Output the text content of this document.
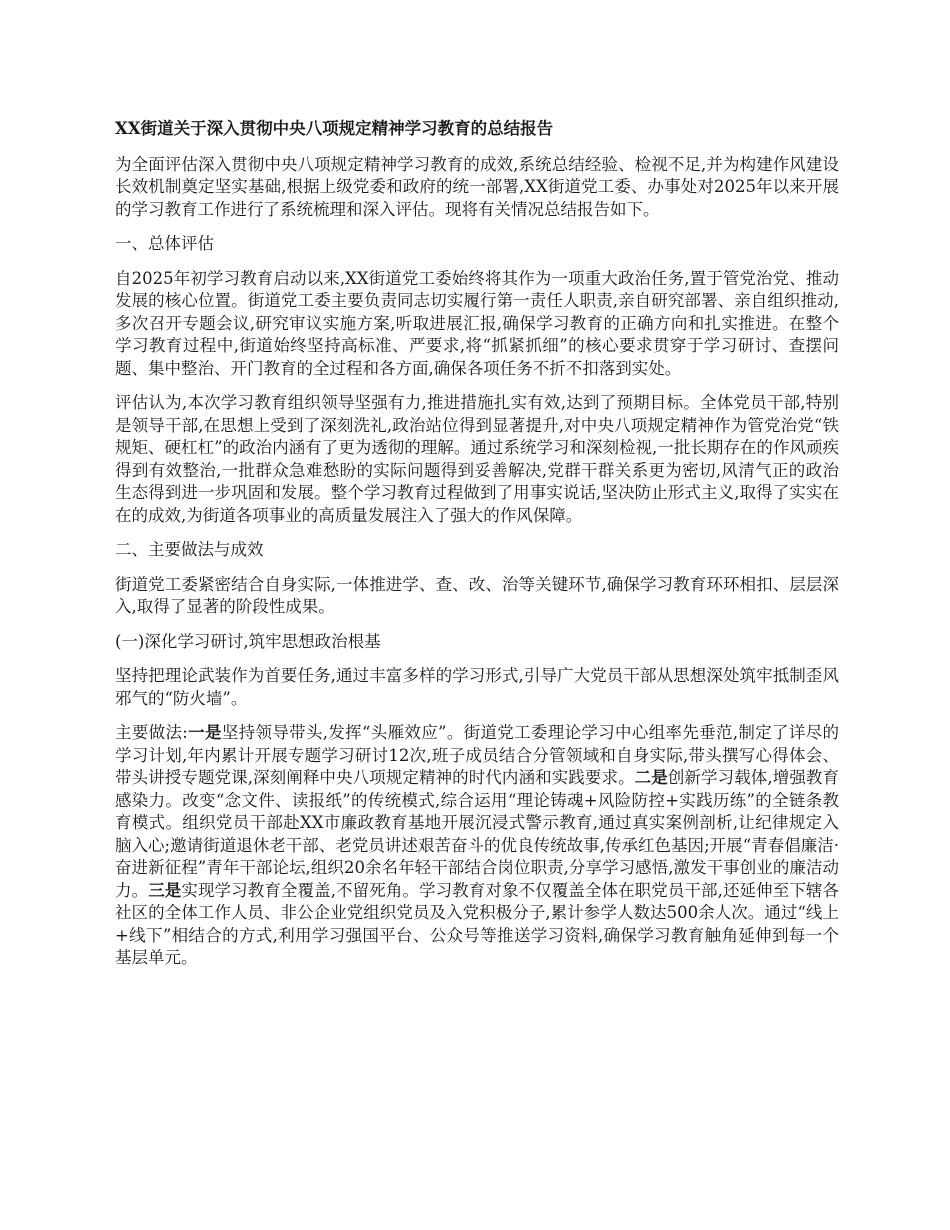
XX街道关于深入贯彻中央八项规定精神学习教育的总结报告
为全面评估深入贯彻中央八项规定精神学习教育的成效,系统总结经验、检视不足,并为构建作风建设长效机制奠定坚实基础,根据上级党委和政府的统一部署,XX街道党工委、办事处对2025年以来开展的学习教育工作进行了系统梳理和深入评估。现将有关情况总结报告如下。
一、总体评估
自2025年初学习教育启动以来,XX街道党工委始终将其作为一项重大政治任务,置于管党治党、推动发展的核心位置。街道党工委主要负责同志切实履行第一责任人职责,亲自研究部署、亲自组织推动,多次召开专题会议,研究审议实施方案,听取进展汇报,确保学习教育的正确方向和扎实推进。在整个学习教育过程中,街道始终坚持高标准、严要求,将“抓紧抓细”的核心要求贯穿于学习研讨、查摆问题、集中整治、开门教育的全过程和各方面,确保各项任务不折不扣落到实处。
评估认为,本次学习教育组织领导坚强有力,推进措施扎实有效,达到了预期目标。全体党员干部,特别是领导干部,在思想上受到了深刻洗礼,政治站位得到显著提升,对中央八项规定精神作为管党治党“铁规矩、硬杠杠”的政治内涵有了更为透彻的理解。通过系统学习和深刻检视,一批长期存在的作风顽疾得到有效整治,一批群众急难愁盼的实际问题得到妥善解决,党群干群关系更为密切,风清气正的政治生态得到进一步巩固和发展。整个学习教育过程做到了用事实说话,坚决防止形式主义,取得了实实在在的成效,为街道各项事业的高质量发展注入了强大的作风保障。
二、主要做法与成效
街道党工委紧密结合自身实际,一体推进学、查、改、治等关键环节,确保学习教育环环相扣、层层深入,取得了显著的阶段性成果。
(一)深化学习研讨,筑牢思想政治根基
坚持把理论武装作为首要任务,通过丰富多样的学习形式,引导广大党员干部从思想深处筑牢抵制歪风邪气的“防火墙”。
主要做法:一是坚持领导带头,发挥“头雁效应”。街道党工委理论学习中心组率先垂范,制定了详尽的学习计划,年内累计开展专题学习研讨12次,班子成员结合分管领域和自身实际,带头撰写心得体会、带头讲授专题党课,深刻阐释中央八项规定精神的时代内涵和实践要求。二是创新学习载体,增强教育感染力。改变“念文件、读报纸”的传统模式,综合运用“理论铸魂+风险防控+实践历练”的全链条教育模式。组织党员干部赴XX市廉政教育基地开展沉浸式警示教育,通过真实案例剖析,让纪律规定入脑入心;邀请街道退休老干部、老党员讲述艰苦奋斗的优良传统故事,传承红色基因;开展“青春倡廉洁·奋进新征程”青年干部论坛,组织20余名年轻干部结合岗位职责,分享学习感悟,激发干事创业的廉洁动力。三是实现学习教育全覆盖,不留死角。学习教育对象不仅覆盖全体在职党员干部,还延伸至下辖各社区的全体工作人员、非公企业党组织党员及入党积极分子,累计参学人数达500余人次。通过“线上+线下”相结合的方式,利用学习强国平台、公众号等推送学习资料,确保学习教育触角延伸到每一个基层单元。
